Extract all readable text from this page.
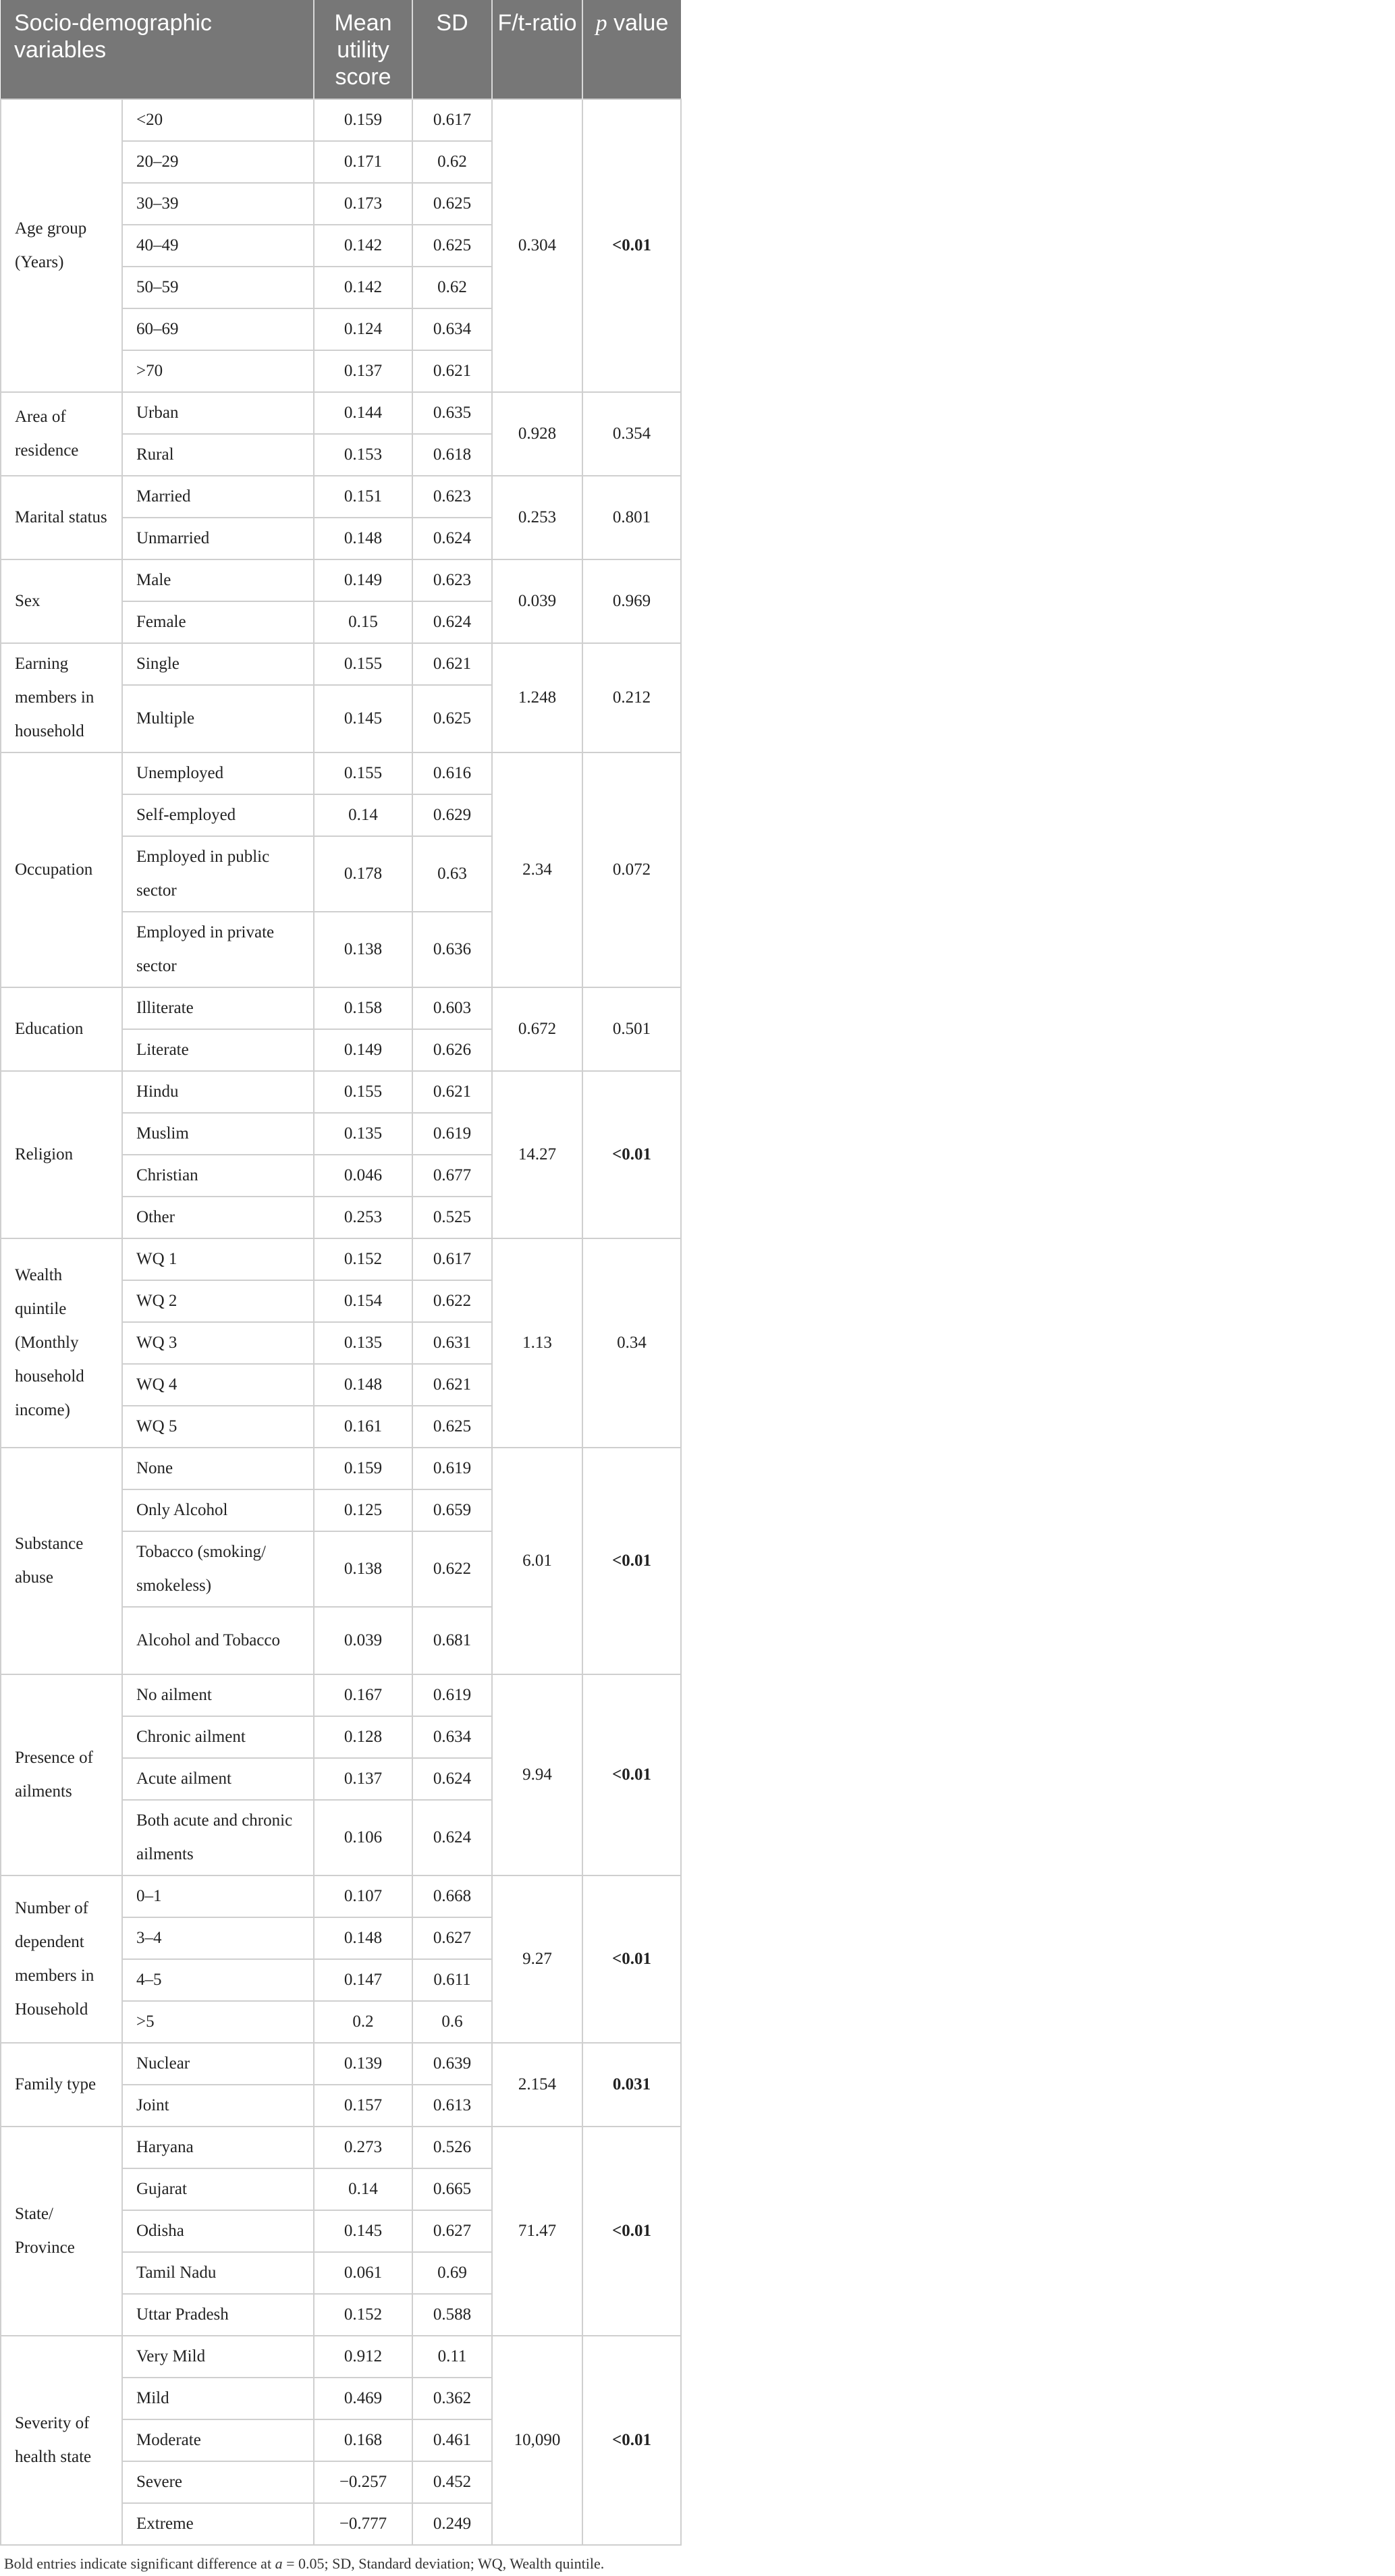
Socio-demographic variables		Mean utility score	SD	F/t-ratio	p value
Age group (Years)	<20	0.159	0.617	0.304	<0.01
	20–29	0.171	0.62		
	30–39	0.173	0.625		
	40–49	0.142	0.625		
	50–59	0.142	0.62		
	60–69	0.124	0.634		
	>70	0.137	0.621		
Area of residence	Urban	0.144	0.635	0.928	0.354
	Rural	0.153	0.618		
Marital status	Married	0.151	0.623	0.253	0.801
	Unmarried	0.148	0.624		
Sex	Male	0.149	0.623	0.039	0.969
	Female	0.15	0.624		
Earning members in household	Single	0.155	0.621	1.248	0.212
	Multiple	0.145	0.625		
Occupation	Unemployed	0.155	0.616	2.34	0.072
	Self-employed	0.14	0.629		
	Employed in public sector	0.178	0.63		
	Employed in private sector	0.138	0.636		
Education	Illiterate	0.158	0.603	0.672	0.501
	Literate	0.149	0.626		
Religion	Hindu	0.155	0.621	14.27	<0.01
	Muslim	0.135	0.619		
	Christian	0.046	0.677		
	Other	0.253	0.525		
Wealth quintile (Monthly household income)	WQ 1	0.152	0.617	1.13	0.34
	WQ 2	0.154	0.622		
	WQ 3	0.135	0.631		
	WQ 4	0.148	0.621		
	WQ 5	0.161	0.625		
Substance abuse	None	0.159	0.619	6.01	<0.01
	Only Alcohol	0.125	0.659		
	Tobacco (smoking/ smokeless)	0.138	0.622		
	Alcohol and Tobacco	0.039	0.681		
Presence of ailments	No ailment	0.167	0.619	9.94	<0.01
	Chronic ailment	0.128	0.634		
	Acute ailment	0.137	0.624		
	Both acute and chronic ailments	0.106	0.624		
Number of dependent members in Household	0–1	0.107	0.668	9.27	<0.01
	3–4	0.148	0.627		
	4–5	0.147	0.611		
	>5	0.2	0.6		
Family type	Nuclear	0.139	0.639	2.154	0.031
	Joint	0.157	0.613		
State/ Province	Haryana	0.273	0.526	71.47	<0.01
	Gujarat	0.14	0.665		
	Odisha	0.145	0.627		
	Tamil Nadu	0.061	0.69		
	Uttar Pradesh	0.152	0.588		
Severity of health state	Very Mild	0.912	0.11	10,090	<0.01
	Mild	0.469	0.362		
	Moderate	0.168	0.461		
	Severe	−0.257	0.452		
	Extreme	−0.777	0.249		
Bold entries indicate significant difference at a = 0.05; SD, Standard deviation; WQ, Wealth quintile.
